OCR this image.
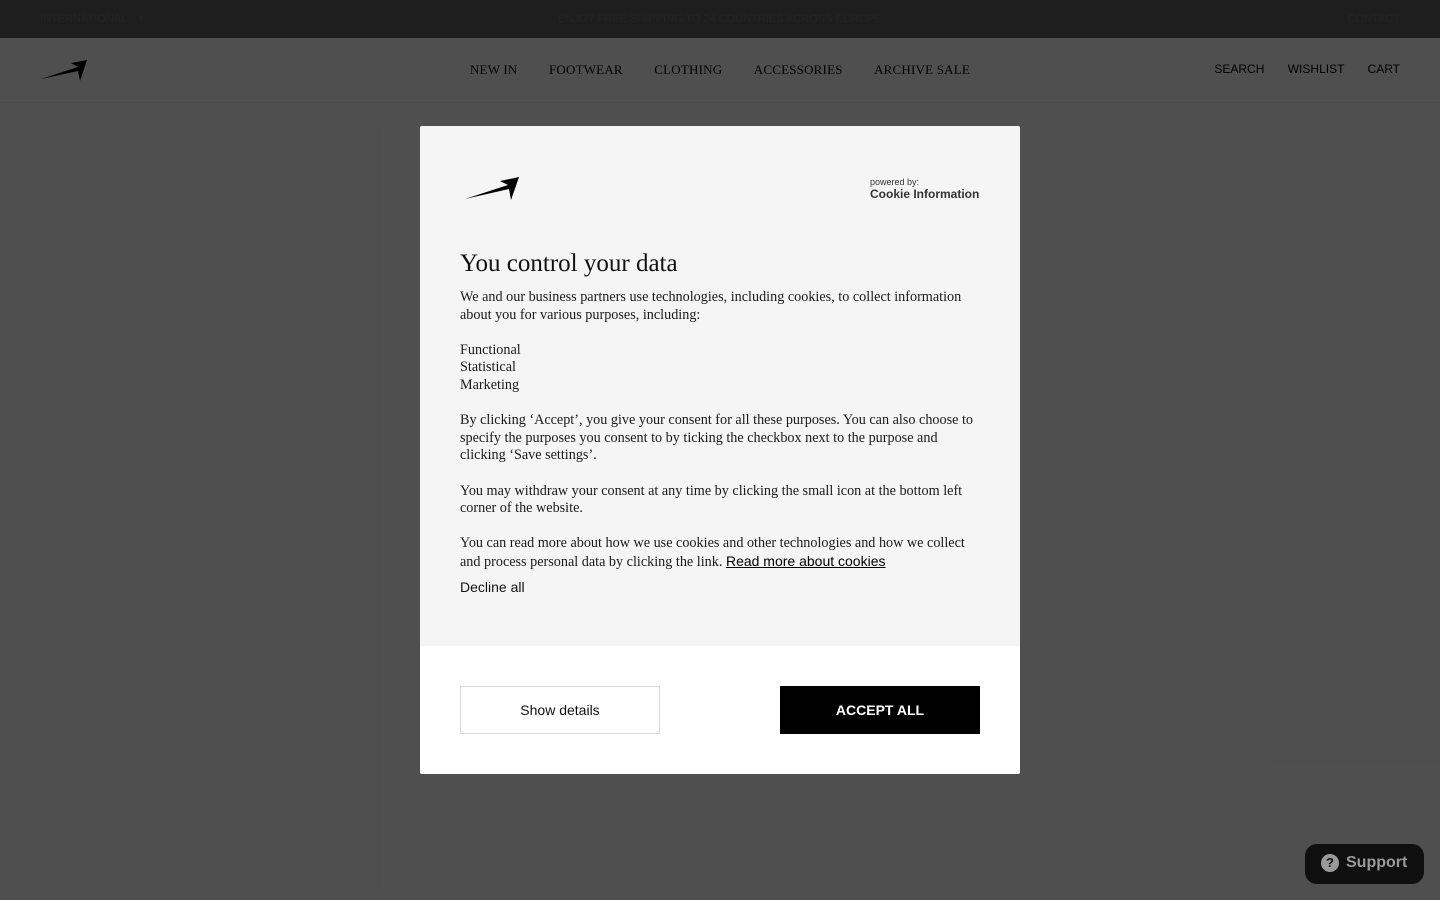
powered by:
Cookie Information
You control your data

We and our business partners use technologies, including cookies, to collect information about you for various purposes, including:

Functional
Statistical
Marketing

By clicking ‘Accept’, you give your consent for all these purposes. You can also choose to specify the purposes you consent to by ticking the checkbox next to the purpose and clicking ‘Save settings’.

You may withdraw your consent at any time by clicking the small icon at the bottom left corner of the website.

You can read more about how we use cookies and other technologies and how we collect and process personal data by clicking the link. Read more about cookies

Decline all
Show details	ACCEPT ALL
? Support
